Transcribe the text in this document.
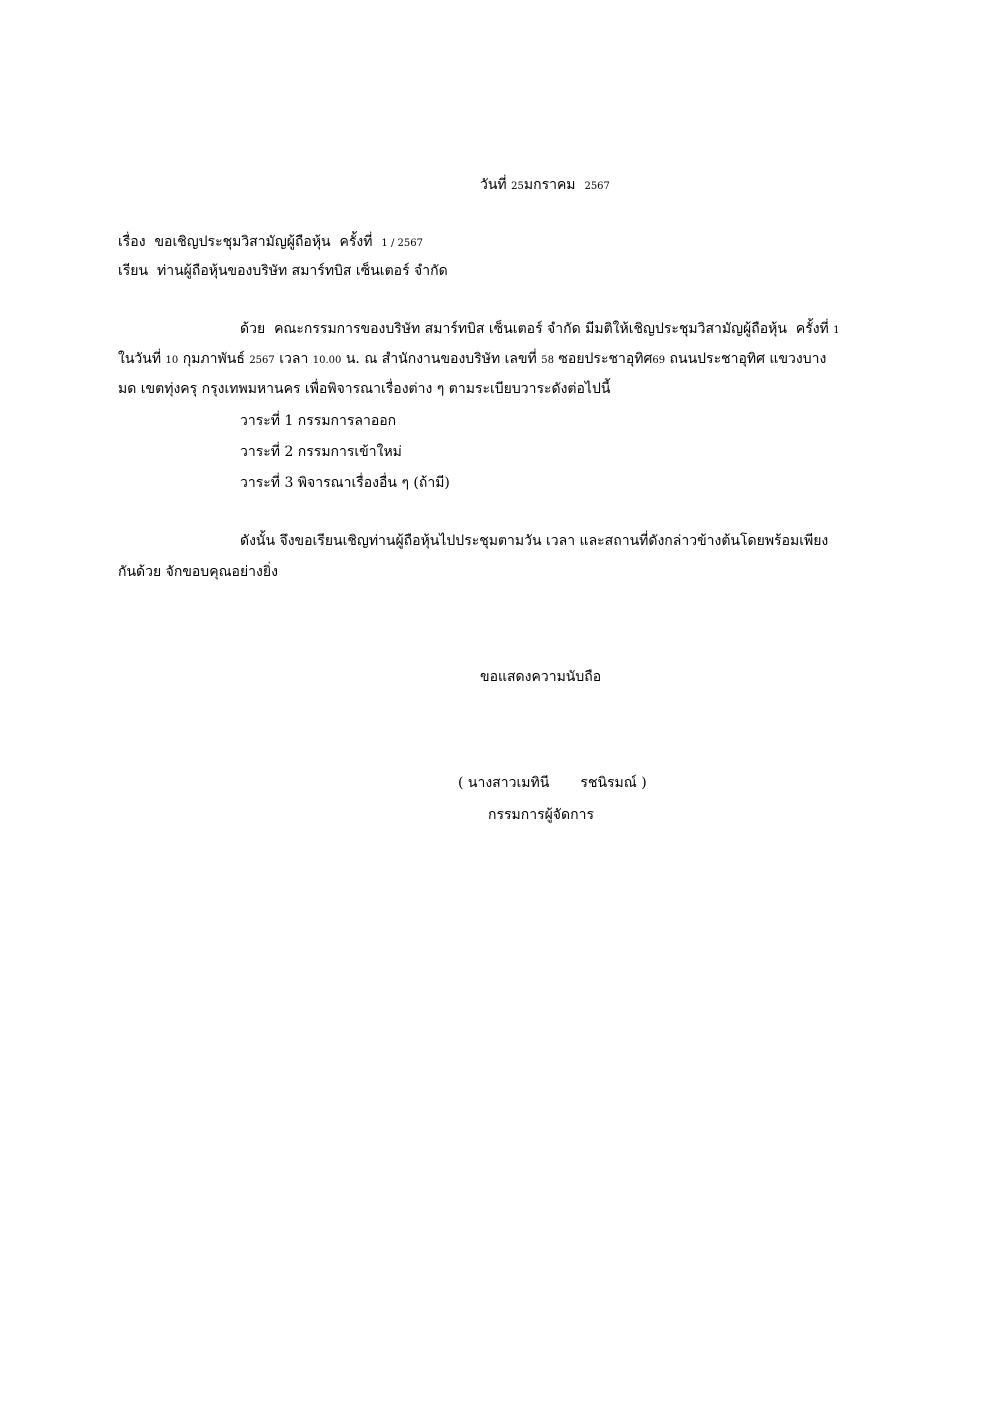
วันที่ 25มกราคม 2567
เรื่อง ขอเชิญประชุมวิสามัญผู้ถือหุ้น ครั้งที่ 1 / 2567
เรียน ท่านผู้ถือหุ้นของบริษัท สมาร์ทบิส เซ็นเตอร์ จำกัด
ด้วย คณะกรรมการของบริษัท สมาร์ทบิส เซ็นเตอร์ จำกัด มีมติให้เชิญประชุมวิสามัญผู้ถือหุ้น ครั้งที่ 1
ในวันที่ 10 กุมภาพันธ์ 2567 เวลา 10.00 น. ณ สำนักงานของบริษัท เลขที่ 58 ซอยประชาอุทิศ69 ถนนประชาอุทิศ แขวงบาง
มด เขตทุ่งครุ กรุงเทพมหานคร เพื่อพิจารณาเรื่องต่าง ๆ ตามระเบียบวาระดังต่อไปนี้
วาระที่ 1 กรรมการลาออก
วาระที่ 2 กรรมการเข้าใหม่
วาระที่ 3 พิจารณาเรื่องอื่น ๆ (ถ้ามี)
ดังนั้น จึงขอเรียนเชิญท่านผู้ถือหุ้นไปประชุมตามวัน เวลา และสถานที่ดังกล่าวข้างต้นโดยพร้อมเพียง
กันด้วย จักขอบคุณอย่างยิ่ง
ขอแสดงความนับถือ
( นางสาวเมทินี รชนิรมณ์ )
กรรมการผู้จัดการ
